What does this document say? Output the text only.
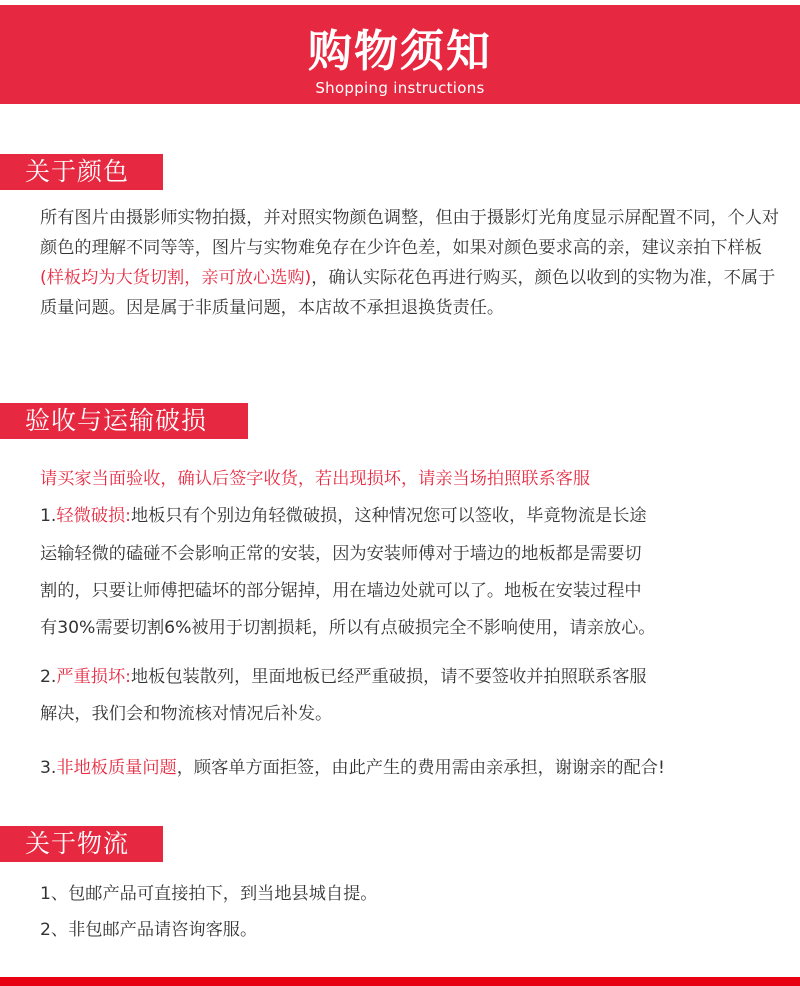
购物须知
Shopping instructions
关于颜色
所有图片由摄影师实物拍摄，并对照实物颜色调整，但由于摄影灯光角度显示屏配置不同，个人对颜色的理解不同等等，图片与实物难免存在少许色差，如果对颜色要求高的亲，建议亲拍下样板(样板均为大货切割，亲可放心选购)，确认实际花色再进行购买，颜色以收到的实物为准，不属于质量问题。因是属于非质量问题，本店故不承担退换货责任。
验收与运输破损
请买家当面验收，确认后签字收货，若出现损坏，请亲当场拍照联系客服
1.轻微破损:地板只有个别边角轻微破损，这种情况您可以签收，毕竟物流是长途
运输轻微的磕碰不会影响正常的安装，因为安装师傅对于墙边的地板都是需要切
割的，只要让师傅把磕坏的部分锯掉，用在墙边处就可以了。地板在安装过程中
有30%需要切割6%被用于切割损耗，所以有点破损完全不影响使用，请亲放心。
2.严重损坏:地板包装散列，里面地板已经严重破损，请不要签收并拍照联系客服
解决，我们会和物流核对情况后补发。
3.非地板质量问题，顾客单方面拒签，由此产生的费用需由亲承担，谢谢亲的配合!
关于物流
1、包邮产品可直接拍下，到当地县城自提。
2、非包邮产品请咨询客服。
